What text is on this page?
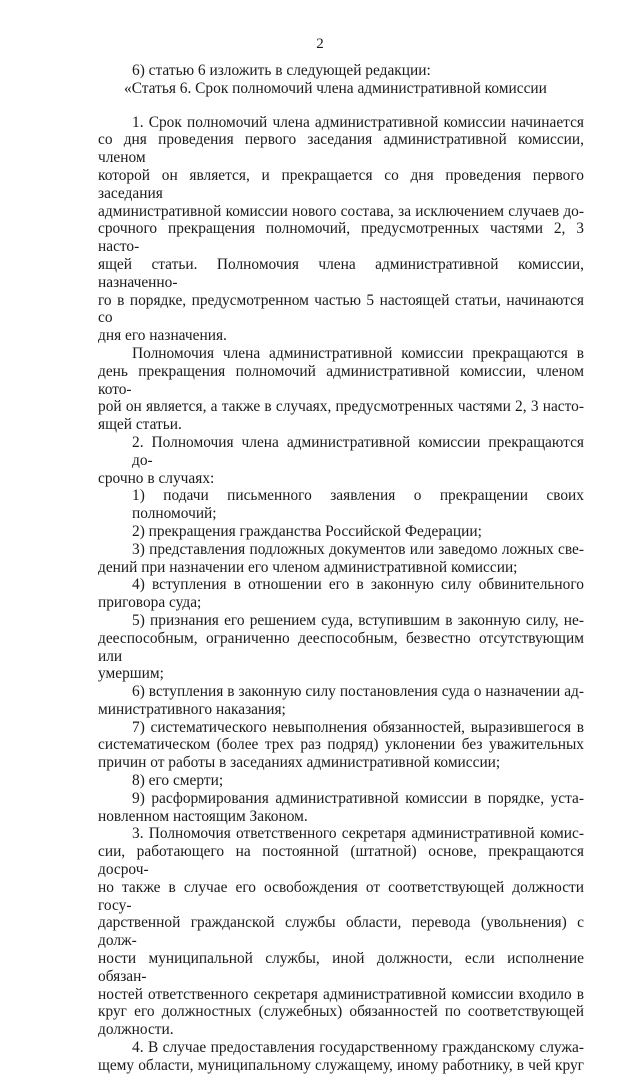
2
6) статью 6 изложить в следующей редакции:
«Статья 6. Срок полномочий члена административной комиссии
1. Срок полномочий члена административной комиссии начинается
со дня проведения первого заседания административной комиссии, членом
которой он является, и прекращается со дня проведения первого заседания
административной комиссии нового состава, за исключением случаев до-
срочного прекращения полномочий, предусмотренных частями 2, 3 насто-
ящей статьи. Полномочия члена административной комиссии, назначенно-
го в порядке, предусмотренном частью 5 настоящей статьи, начинаются со
дня его назначения.
Полномочия члена административной комиссии прекращаются в
день прекращения полномочий административной комиссии, членом кото-
рой он является, а также в случаях, предусмотренных частями 2, 3 насто-
ящей статьи.
2. Полномочия члена административной комиссии прекращаются до-
срочно в случаях:
1) подачи письменного заявления о прекращении своих полномочий;
2) прекращения гражданства Российской Федерации;
3) представления подложных документов или заведомо ложных све-
дений при назначении его членом административной комиссии;
4) вступления в отношении его в законную силу обвинительного
приговора суда;
5) признания его решением суда, вступившим в законную силу, не-
дееспособным, ограниченно дееспособным, безвестно отсутствующим или
умершим;
6) вступления в законную силу постановления суда о назначении ад-
министративного наказания;
7) систематического невыполнения обязанностей, выразившегося в
систематическом (более трех раз подряд) уклонении без уважительных
причин от работы в заседаниях административной комиссии;
8) его смерти;
9) расформирования административной комиссии в порядке, уста-
новленном настоящим Законом.
3. Полномочия ответственного секретаря административной комис-
сии, работающего на постоянной (штатной) основе, прекращаются досроч-
но также в случае его освобождения от соответствующей должности госу-
дарственной гражданской службы области, перевода (увольнения) с долж-
ности муниципальной службы, иной должности, если исполнение обязан-
ностей ответственного секретаря административной комиссии входило в
круг его должностных (служебных) обязанностей по соответствующей
должности.
4. В случае предоставления государственному гражданскому служа-
щему области, муниципальному служащему, иному работнику, в чей круг
